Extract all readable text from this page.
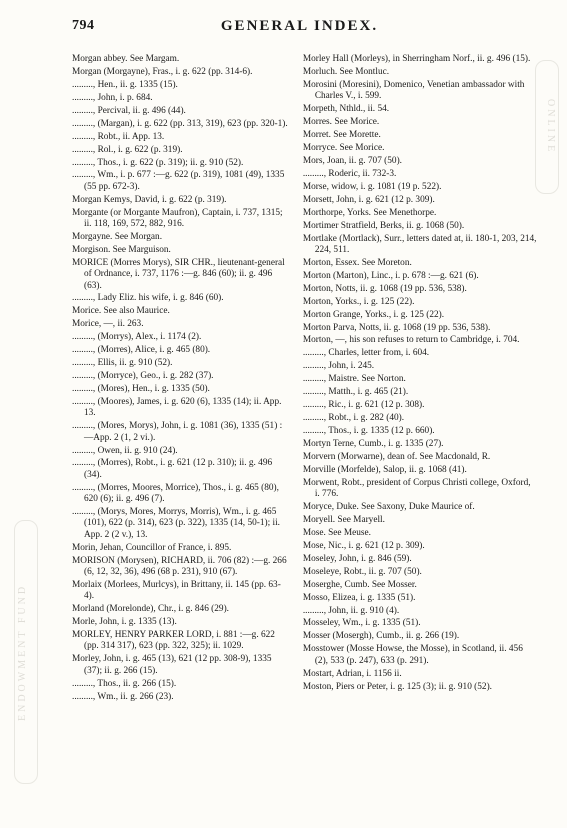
794	GENERAL INDEX.
ENDOWMENT FUND
ONLINE

Morgan abbey. See Margam.

Morgan (Morgayne), Fras., i. g. 622 (pp. 314-6).

........., Hen., ii. g. 1335 (15).

........., John, i. p. 684.

........., Percival, ii. g. 496 (44).

........., (Margan), i. g. 622 (pp. 313, 319), 623 (pp. 320-1).

........., Robt., ii. App. 13.

........., Rol., i. g. 622 (p. 319).

........., Thos., i. g. 622 (p. 319); ii. g. 910 (52).

........., Wm., i. p. 677 :—g. 622 (p. 319), 1081 (49), 1335 (55 pp. 672-3).

Morgan Kemys, David, i. g. 622 (p. 319).

Morgante (or Morgante Maufron), Captain, i. 737, 1315; ii. 118, 169, 572, 882, 916.

Morgayne. See Morgan.

Morgison. See Marguison.

MORICE (Morres Morys), SIR CHR., lieutenant-general of Ordnance, i. 737, 1176 :—g. 846 (60); ii. g. 496 (63).

........., Lady Eliz. his wife, i. g. 846 (60).

Morice. See also Maurice.

Morice, —, ii. 263.

........., (Morrys), Alex., i. 1174 (2).

........., (Morres), Alice, i. g. 465 (80).

........., Ellis, ii. g. 910 (52).

........., (Morryce), Geo., i. g. 282 (37).

........., (Mores), Hen., i. g. 1335 (50).

........., (Moores), James, i. g. 620 (6), 1335 (14); ii. App. 13.

........., (Mores, Morys), John, i. g. 1081 (36), 1335 (51) :—App. 2 (1, 2 vi.).

........., Owen, ii. g. 910 (24).

........., (Morres), Robt., i. g. 621 (12 p. 310); ii. g. 496 (34).

........., (Morres, Moores, Morrice), Thos., i. g. 465 (80), 620 (6); ii. g. 496 (7).

........., (Morys, Mores, Morrys, Morris), Wm., i. g. 465 (101), 622 (p. 314), 623 (p. 322), 1335 (14, 50-1); ii. App. 2 (2 v.), 13.

Morin, Jehan, Councillor of France, i. 895.

MORISON (Morysen), RICHARD, ii. 706 (82) :—g. 266 (6, 12, 32, 36), 496 (68 p. 231), 910 (67).

Morlaix (Morlees, Murlcys), in Brittany, ii. 145 (pp. 63-4).

Morland (Morelonde), Chr., i. g. 846 (29).

Morle, John, i. g. 1335 (13).

MORLEY, HENRY PARKER LORD, i. 881 :—g. 622 (pp. 314 317), 623 (pp. 322, 325); ii. 1029.

Morley, John, i. g. 465 (13), 621 (12 pp. 308-9), 1335 (37); ii. g. 266 (15).

........., Thos., ii. g. 266 (15).

........., Wm., ii. g. 266 (23).

Morley Hall (Morleys), in Sherringham Norf., ii. g. 496 (15).

Morluch. See Montluc.

Morosini (Moresini), Domenico, Venetian ambassador with Charles V., i. 599.

Morpeth, Nthld., ii. 54.

Morres. See Morice.

Morret. See Morette.

Morryce. See Morice.

Mors, Joan, ii. g. 707 (50).

........., Roderic, ii. 732-3.

Morse, widow, i. g. 1081 (19 p. 522).

Morsett, John, i. g. 621 (12 p. 309).

Morthorpe, Yorks. See Menethorpe.

Mortimer Stratfield, Berks, ii. g. 1068 (50).

Mortlake (Mortlack), Surr., letters dated at, ii. 180-1, 203, 214, 224, 511.

Morton, Essex. See Moreton.

Morton (Marton), Linc., i. p. 678 :—g. 621 (6).

Morton, Notts, ii. g. 1068 (19 pp. 536, 538).

Morton, Yorks., i. g. 125 (22).

Morton Grange, Yorks., i. g. 125 (22).

Morton Parva, Notts, ii. g. 1068 (19 pp. 536, 538).

Morton, —, his son refuses to return to Cambridge, i. 704.

........., Charles, letter from, i. 604.

........., John, i. 245.

........., Maistre. See Norton.

........., Matth., i. g. 465 (21).

........., Ric., i. g. 621 (12 p. 308).

........., Robt., i. g. 282 (40).

........., Thos., i. g. 1335 (12 p. 660).

Mortyn Terne, Cumb., i. g. 1335 (27).

Morvern (Morwarne), dean of. See Macdonald, R.

Morville (Morfelde), Salop, ii. g. 1068 (41).

Morwent, Robt., president of Corpus Christi college, Oxford, i. 776.

Moryce, Duke. See Saxony, Duke Maurice of.

Moryell. See Maryell.

Mose. See Meuse.

Mose, Nic., i. g. 621 (12 p. 309).

Moseley, John, i. g. 846 (59).

Moseleye, Robt., ii. g. 707 (50).

Moserghe, Cumb. See Mosser.

Mosso, Elizea, i. g. 1335 (51).

........., John, ii. g. 910 (4).

Mosseley, Wm., i. g. 1335 (51).

Mosser (Mosergh), Cumb., ii. g. 266 (19).

Mosstower (Mosse Howse, the Mosse), in Scotland, ii. 456 (2), 533 (p. 247), 633 (p. 291).

Mostart, Adrian, i. 1156 ii.

Moston, Piers or Peter, i. g. 125 (3); ii. g. 910 (52).
